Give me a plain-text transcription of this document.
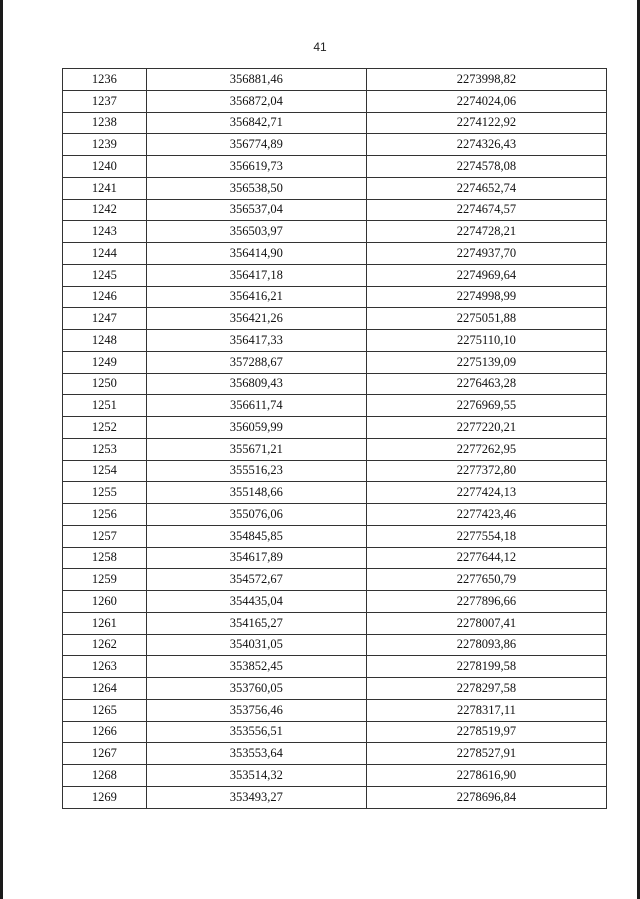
41
1236	356881,46	2273998,82
1237	356872,04	2274024,06
1238	356842,71	2274122,92
1239	356774,89	2274326,43
1240	356619,73	2274578,08
1241	356538,50	2274652,74
1242	356537,04	2274674,57
1243	356503,97	2274728,21
1244	356414,90	2274937,70
1245	356417,18	2274969,64
1246	356416,21	2274998,99
1247	356421,26	2275051,88
1248	356417,33	2275110,10
1249	357288,67	2275139,09
1250	356809,43	2276463,28
1251	356611,74	2276969,55
1252	356059,99	2277220,21
1253	355671,21	2277262,95
1254	355516,23	2277372,80
1255	355148,66	2277424,13
1256	355076,06	2277423,46
1257	354845,85	2277554,18
1258	354617,89	2277644,12
1259	354572,67	2277650,79
1260	354435,04	2277896,66
1261	354165,27	2278007,41
1262	354031,05	2278093,86
1263	353852,45	2278199,58
1264	353760,05	2278297,58
1265	353756,46	2278317,11
1266	353556,51	2278519,97
1267	353553,64	2278527,91
1268	353514,32	2278616,90
1269	353493,27	2278696,84
